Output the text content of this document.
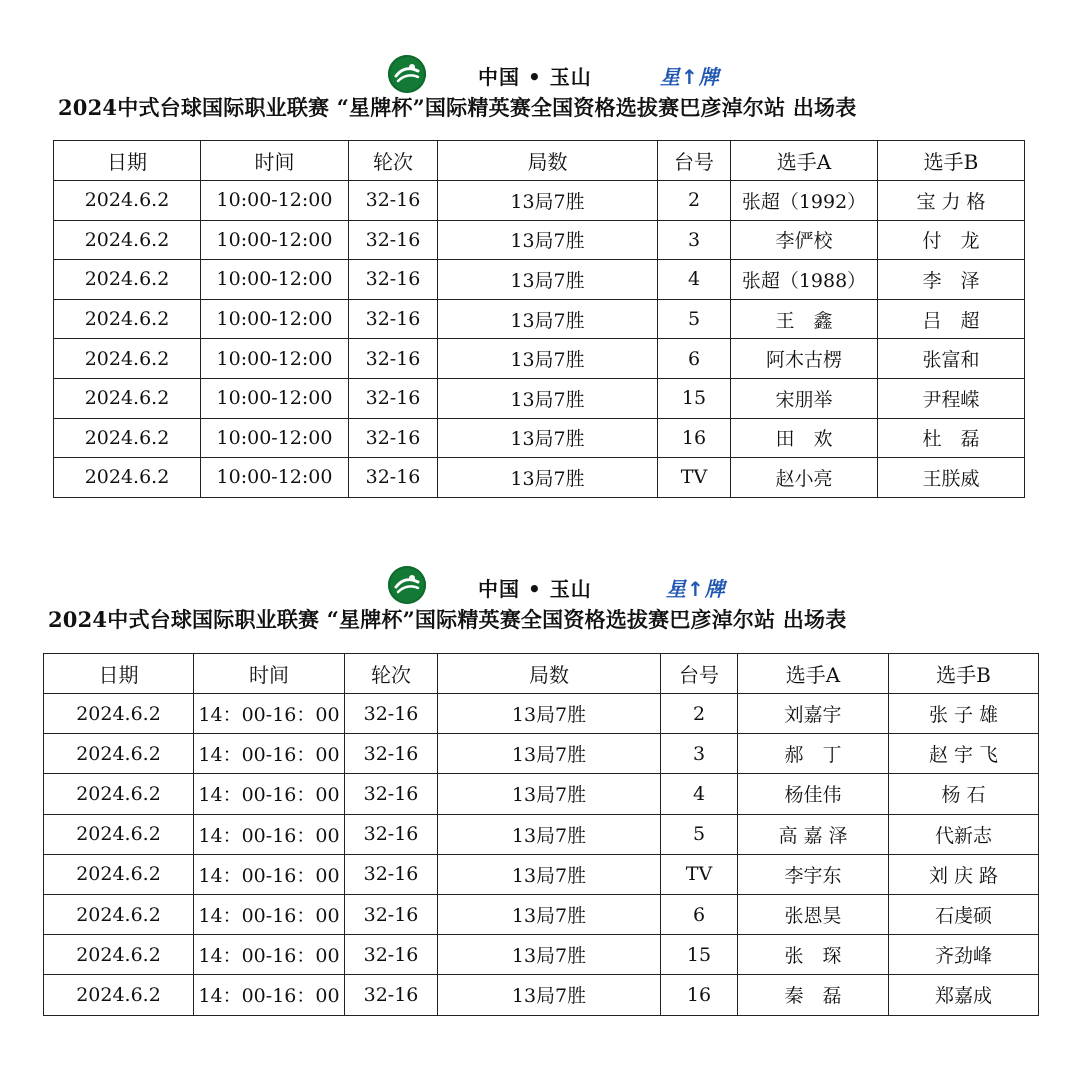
中国 • 玉山	星↑牌
2024中式台球国际职业联赛 “星牌杯”国际精英赛全国资格选拔赛巴彦淖尔站 出场表
日期	时间	轮次	局数	台号	选手A	选手B
2024.6.2	10:00-12:00	32-16	13局7胜	2	张超（1992）	宝 力 格
2024.6.2	10:00-12:00	32-16	13局7胜	3	李俨校	付　龙
2024.6.2	10:00-12:00	32-16	13局7胜	4	张超（1988）	李　泽
2024.6.2	10:00-12:00	32-16	13局7胜	5	王　鑫	吕　超
2024.6.2	10:00-12:00	32-16	13局7胜	6	阿木古楞	张富和
2024.6.2	10:00-12:00	32-16	13局7胜	15	宋朋举	尹程嵘
2024.6.2	10:00-12:00	32-16	13局7胜	16	田　欢	杜　磊
2024.6.2	10:00-12:00	32-16	13局7胜	TV	赵小亮	王朕威
中国 • 玉山	星↑牌
2024中式台球国际职业联赛 “星牌杯”国际精英赛全国资格选拔赛巴彦淖尔站 出场表
日期	时间	轮次	局数	台号	选手A	选手B
2024.6.2	14：00-16：00	32-16	13局7胜	2	刘嘉宇	张 子 雄
2024.6.2	14：00-16：00	32-16	13局7胜	3	郝　丁	赵 宇 飞
2024.6.2	14：00-16：00	32-16	13局7胜	4	杨佳伟	杨 石
2024.6.2	14：00-16：00	32-16	13局7胜	5	高 嘉 泽	代新志
2024.6.2	14：00-16：00	32-16	13局7胜	TV	李宇东	刘 庆 路
2024.6.2	14：00-16：00	32-16	13局7胜	6	张恩昊	石虔硕
2024.6.2	14：00-16：00	32-16	13局7胜	15	张　琛	齐劲峰
2024.6.2	14：00-16：00	32-16	13局7胜	16	秦　磊	郑嘉成
